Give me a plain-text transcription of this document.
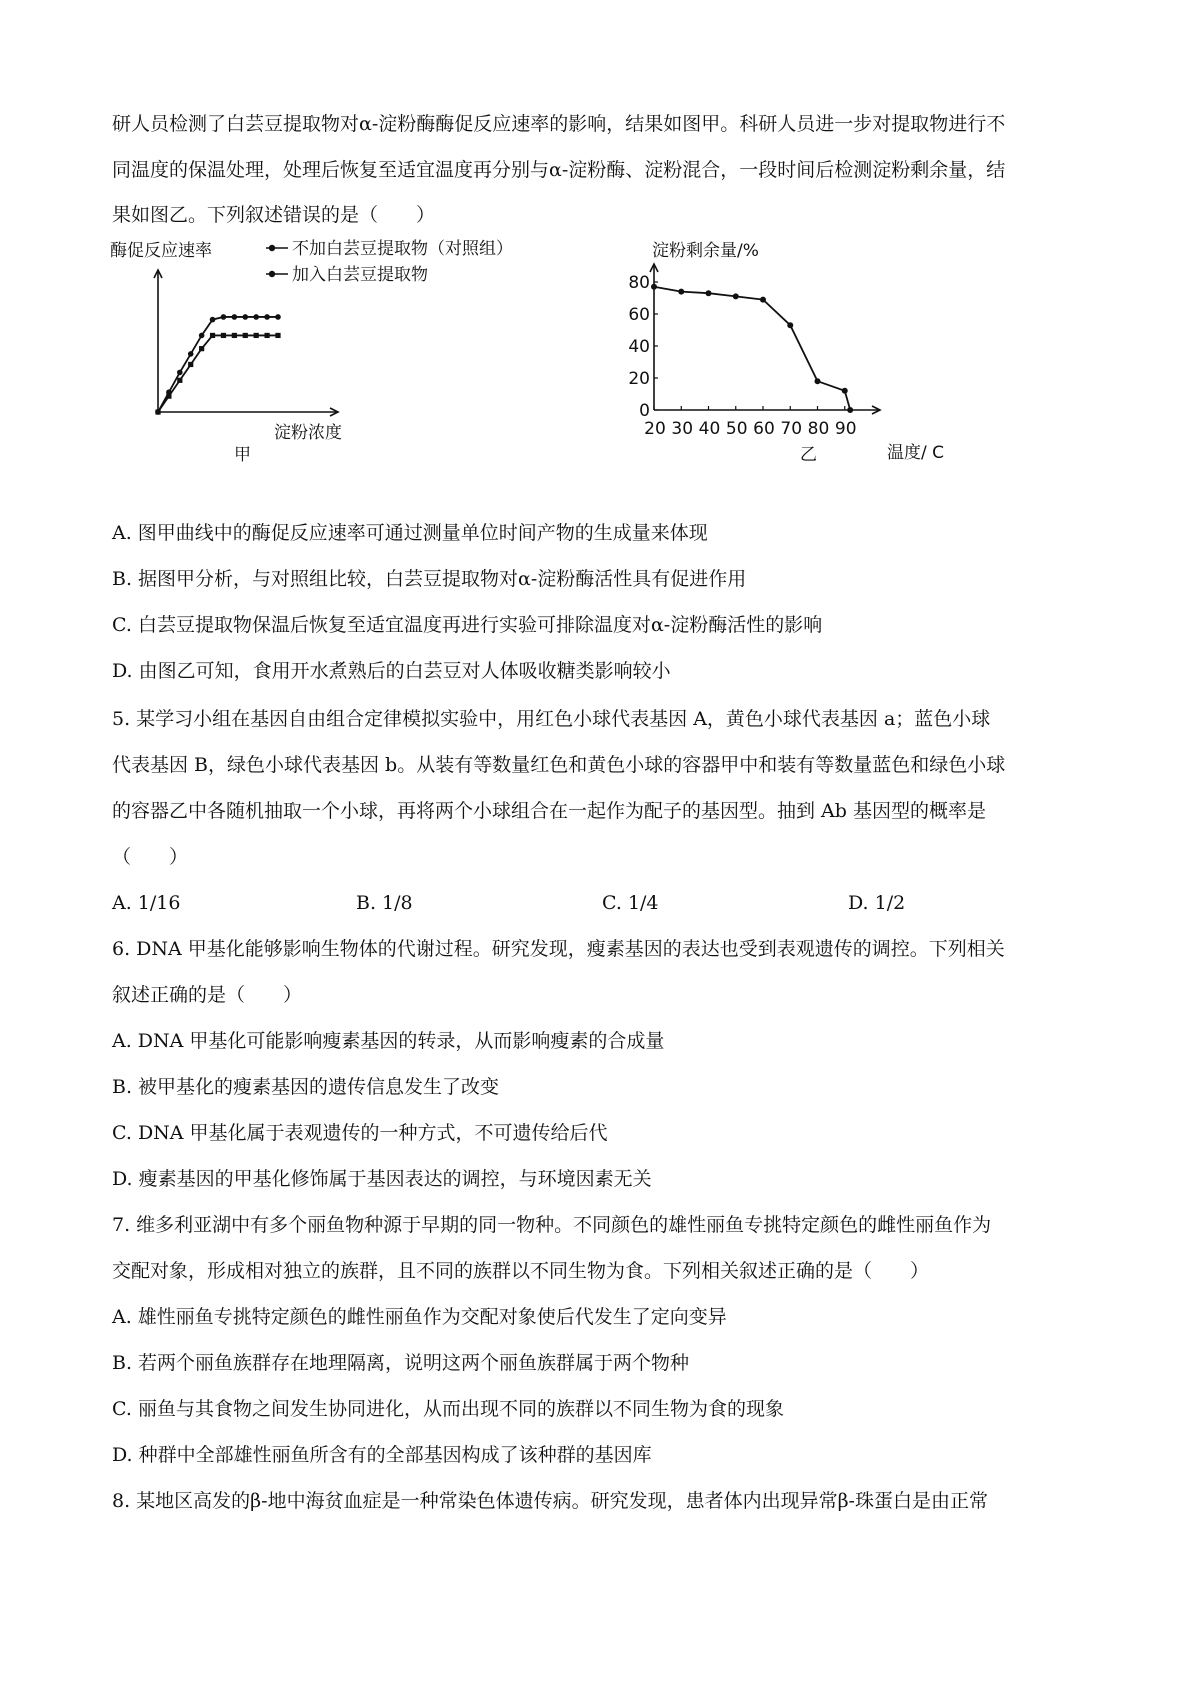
研人员检测了白芸豆提取物对α-淀粉酶酶促反应速率的影响，结果如图甲。科研人员进一步对提取物进行不
同温度的保温处理，处理后恢复至适宜温度再分别与α-淀粉酶、淀粉混合，一段时间后检测淀粉剩余量，结
果如图乙。下列叙述错误的是（　　）
酶促反应速率	不加白芸豆提取物（对照组）
加入白芸豆提取物
淀粉浓度
甲
淀粉剩余量/%
0
20
40
60
80
20 30 40 50 60 70 80 90
乙	温度/ C
A. 图甲曲线中的酶促反应速率可通过测量单位时间产物的生成量来体现
B. 据图甲分析，与对照组比较，白芸豆提取物对α-淀粉酶活性具有促进作用
C. 白芸豆提取物保温后恢复至适宜温度再进行实验可排除温度对α-淀粉酶活性的影响
D. 由图乙可知，食用开水煮熟后的白芸豆对人体吸收糖类影响较小
5. 某学习小组在基因自由组合定律模拟实验中，用红色小球代表基因 A，黄色小球代表基因 a；蓝色小球
代表基因 B，绿色小球代表基因 b。从装有等数量红色和黄色小球的容器甲中和装有等数量蓝色和绿色小球
的容器乙中各随机抽取一个小球，再将两个小球组合在一起作为配子的基因型。抽到 Ab 基因型的概率是
（　　）
A. 1/16	B. 1/8	C. 1/4	D. 1/2
6. DNA 甲基化能够影响生物体的代谢过程。研究发现，瘦素基因的表达也受到表观遗传的调控。下列相关
叙述正确的是（　　）
A. DNA 甲基化可能影响瘦素基因的转录，从而影响瘦素的合成量
B. 被甲基化的瘦素基因的遗传信息发生了改变
C. DNA 甲基化属于表观遗传的一种方式，不可遗传给后代
D. 瘦素基因的甲基化修饰属于基因表达的调控，与环境因素无关
7. 维多利亚湖中有多个丽鱼物种源于早期的同一物种。不同颜色的雄性丽鱼专挑特定颜色的雌性丽鱼作为
交配对象，形成相对独立的族群，且不同的族群以不同生物为食。下列相关叙述正确的是（　　）
A. 雄性丽鱼专挑特定颜色的雌性丽鱼作为交配对象使后代发生了定向变异
B. 若两个丽鱼族群存在地理隔离，说明这两个丽鱼族群属于两个物种
C. 丽鱼与其食物之间发生协同进化，从而出现不同的族群以不同生物为食的现象
D. 种群中全部雄性丽鱼所含有的全部基因构成了该种群的基因库
8. 某地区高发的β-地中海贫血症是一种常染色体遗传病。研究发现，患者体内出现异常β-珠蛋白是由正常
